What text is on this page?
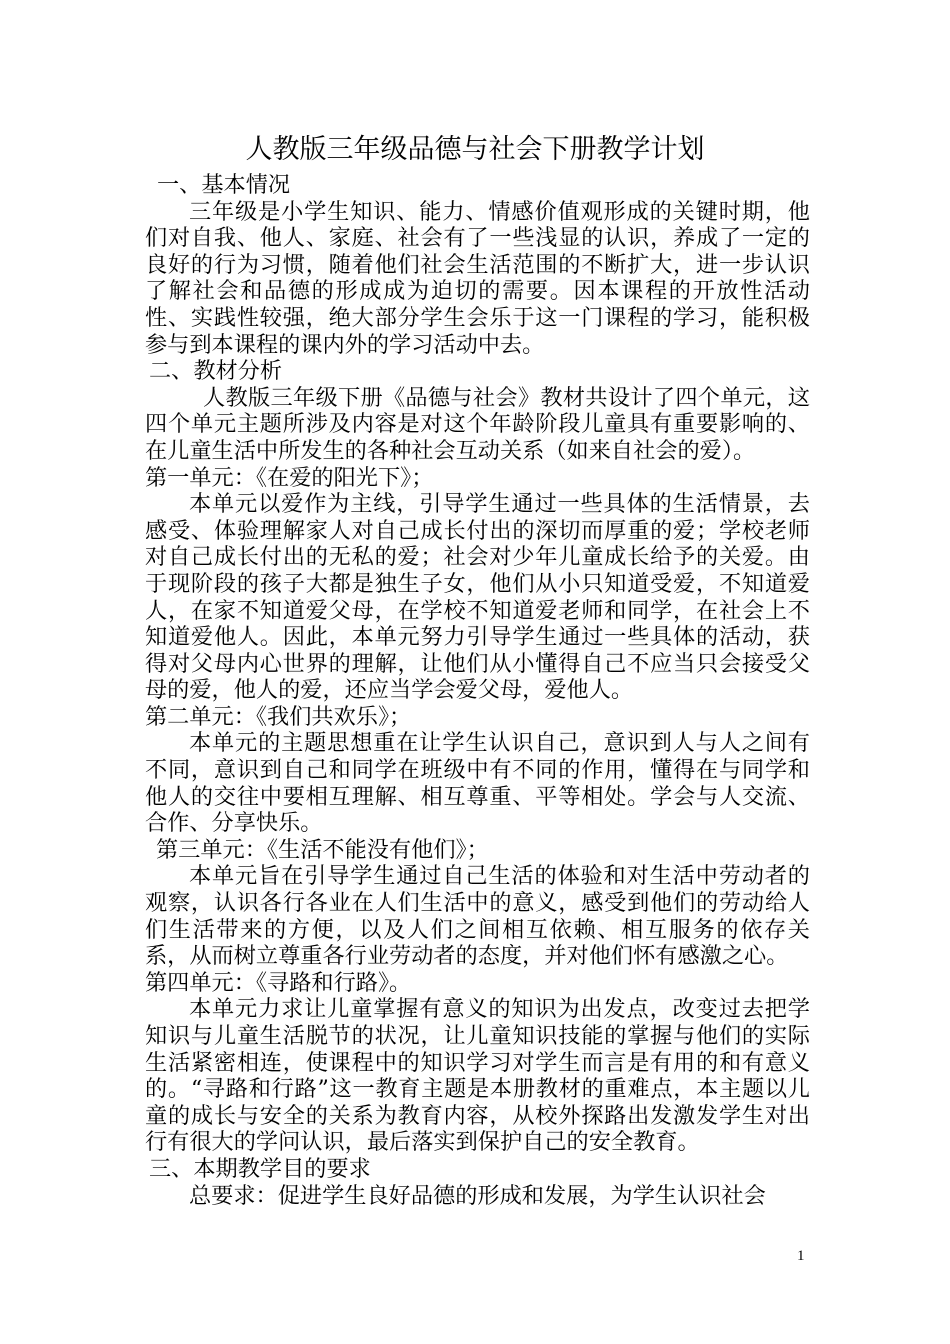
人教版三年级品德与社会下册教学计划

一、基本情况

三年级是小学生知识、能力、情感价值观形成的关键时期，他们对自我、他人、家庭、社会有了一些浅显的认识，养成了一定的良好的行为习惯，随着他们社会生活范围的不断扩大，进一步认识了解社会和品德的形成成为迫切的需要。因本课程的开放性活动性、实践性较强，绝大部分学生会乐于这一门课程的学习，能积极参与到本课程的课内外的学习活动中去。

二、教材分析

人教版三年级下册《品德与社会》教材共设计了四个单元，这四个单元主题所涉及内容是对这个年龄阶段儿童具有重要影响的、在儿童生活中所发生的各种社会互动关系（如来自社会的爱）。

第一单元：《在爱的阳光下》；

本单元以爱作为主线，引导学生通过一些具体的生活情景，去感受、体验理解家人对自己成长付出的深切而厚重的爱；学校老师对自己成长付出的无私的爱；社会对少年儿童成长给予的关爱。由于现阶段的孩子大都是独生子女，他们从小只知道受爱，不知道爱人，在家不知道爱父母，在学校不知道爱老师和同学，在社会上不知道爱他人。因此，本单元努力引导学生通过一些具体的活动，获得对父母内心世界的理解，让他们从小懂得自己不应当只会接受父母的爱，他人的爱，还应当学会爱父母，爱他人。

第二单元：《我们共欢乐》；

本单元的主题思想重在让学生认识自己，意识到人与人之间有不同，意识到自己和同学在班级中有不同的作用，懂得在与同学和他人的交往中要相互理解、相互尊重、平等相处。学会与人交流、合作、分享快乐。

第三单元：《生活不能没有他们》；

本单元旨在引导学生通过自己生活的体验和对生活中劳动者的观察，认识各行各业在人们生活中的意义，感受到他们的劳动给人们生活带来的方便，以及人们之间相互依赖、相互服务的依存关系，从而树立尊重各行业劳动者的态度，并对他们怀有感激之心。

第四单元：《寻路和行路》。

本单元力求让儿童掌握有意义的知识为出发点，改变过去把学知识与儿童生活脱节的状况，让儿童知识技能的掌握与他们的实际生活紧密相连，使课程中的知识学习对学生而言是有用的和有意义的。“寻路和行路”这一教育主题是本册教材的重难点，本主题以儿童的成长与安全的关系为教育内容，从校外探路出发激发学生对出行有很大的学问认识，最后落实到保护自己的安全教育。

三、本期教学目的要求

总要求：促进学生良好品德的形成和发展，为学生认识社会

1
